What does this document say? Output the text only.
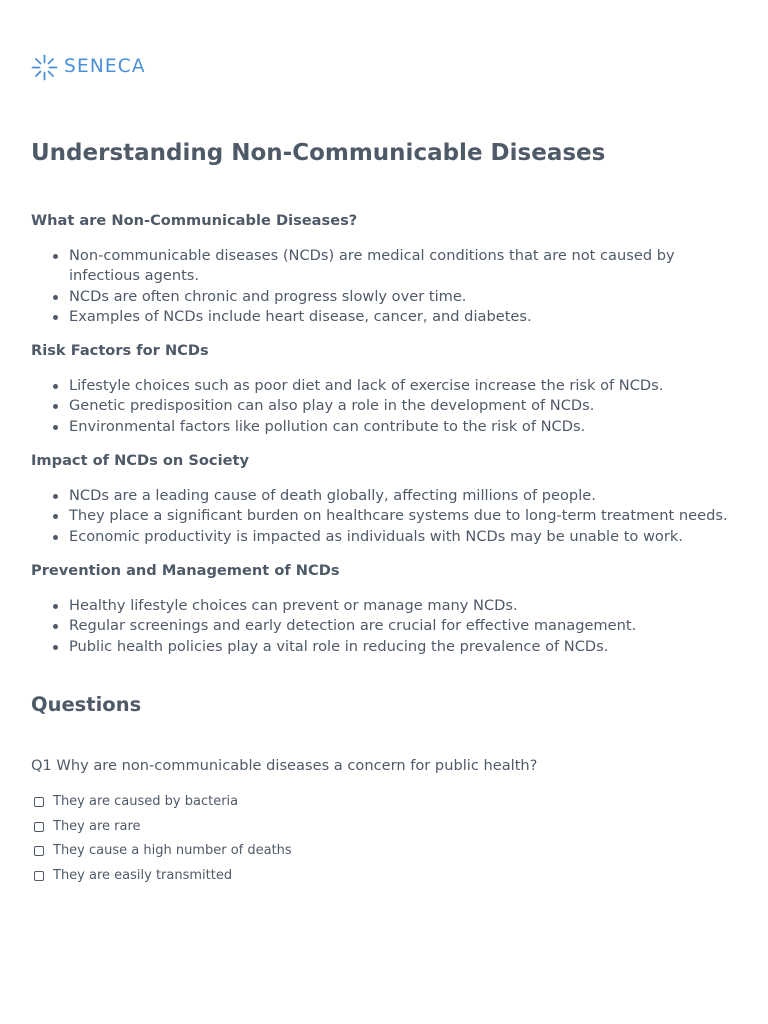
SENECA
Understanding Non-Communicable Diseases
What are Non-Communicable Diseases?
Non-communicable diseases (NCDs) are medical conditions that are not caused by infectious agents.
NCDs are often chronic and progress slowly over time.
Examples of NCDs include heart disease, cancer, and diabetes.
Risk Factors for NCDs
Lifestyle choices such as poor diet and lack of exercise increase the risk of NCDs.
Genetic predisposition can also play a role in the development of NCDs.
Environmental factors like pollution can contribute to the risk of NCDs.
Impact of NCDs on Society
NCDs are a leading cause of death globally, affecting millions of people.
They place a significant burden on healthcare systems due to long-term treatment needs.
Economic productivity is impacted as individuals with NCDs may be unable to work.
Prevention and Management of NCDs
Healthy lifestyle choices can prevent or manage many NCDs.
Regular screenings and early detection are crucial for effective management.
Public health policies play a vital role in reducing the prevalence of NCDs.
Questions

Q1 Why are non-communicable diseases a concern for public health?

They are caused by bacteria
They are rare
They cause a high number of deaths
They are easily transmitted
